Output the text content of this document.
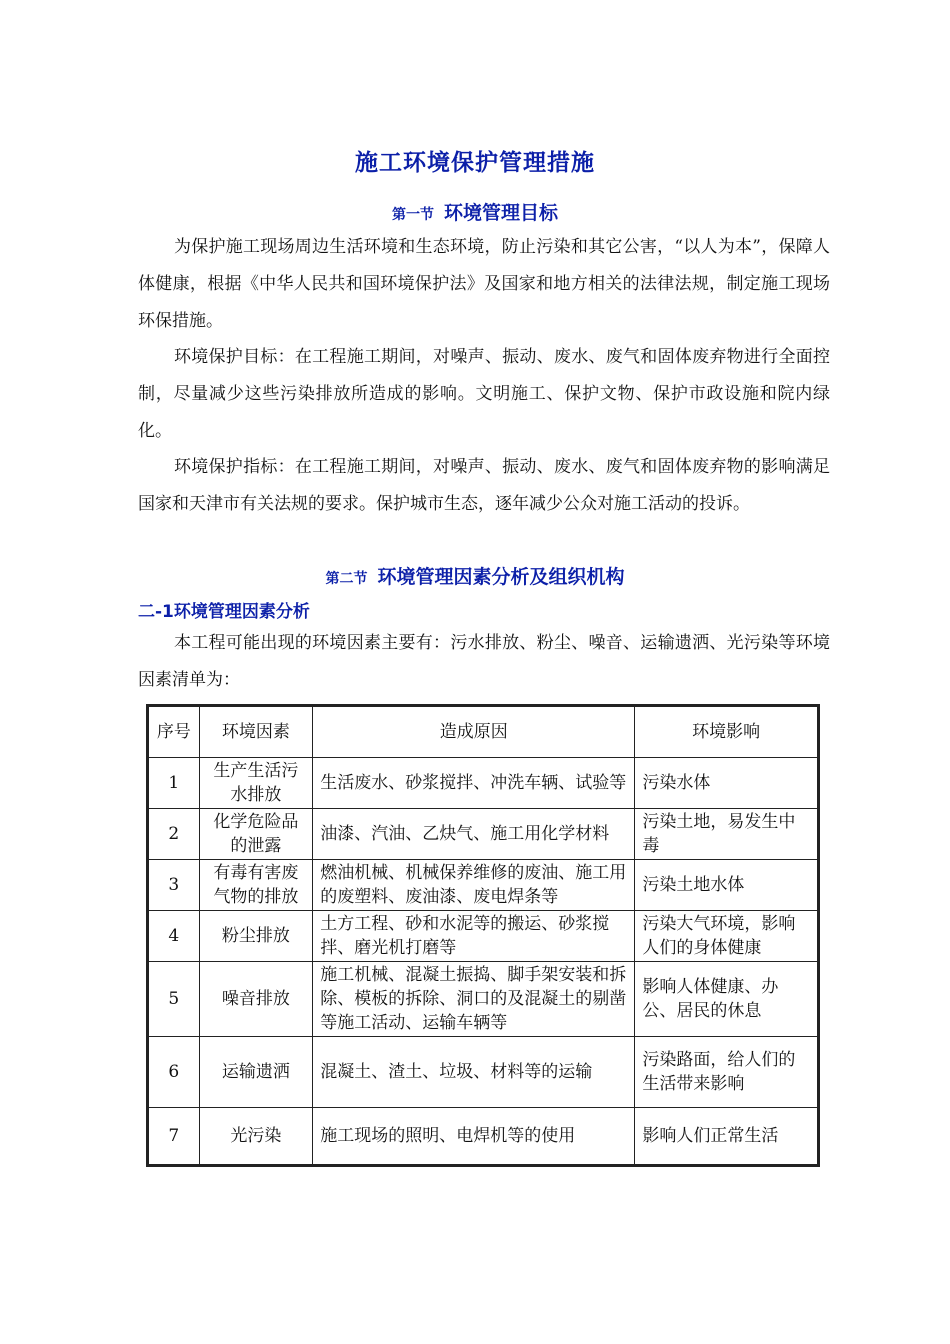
施工环境保护管理措施
第一节 环境管理目标

为保护施工现场周边生活环境和生态环境，防止污染和其它公害，“以人为本”，保障人体健康，根据《中华人民共和国环境保护法》及国家和地方相关的法律法规，制定施工现场环保措施。

环境保护目标：在工程施工期间，对噪声、振动、废水、废气和固体废弃物进行全面控制，尽量减少这些污染排放所造成的影响。文明施工、保护文物、保护市政设施和院内绿化。

环境保护指标：在工程施工期间，对噪声、振动、废水、废气和固体废弃物的影响满足国家和天津市有关法规的要求。保护城市生态，逐年减少公众对施工活动的投诉。

第二节 环境管理因素分析及组织机构
二-1环境管理因素分析

本工程可能出现的环境因素主要有：污水排放、粉尘、噪音、运输遗洒、光污染等环境因素清单为：

序号	环境因素	造成原因	环境影响
1	生产生活污水排放	生活废水、砂浆搅拌、冲洗车辆、试验等	污染水体
2	化学危险品的泄露	油漆、汽油、乙炔气、施工用化学材料	污染土地，易发生中毒
3	有毒有害废气物的排放	燃油机械、机械保养维修的废油、施工用的废塑料、废油漆、废电焊条等	污染土地水体
4	粉尘排放	土方工程、砂和水泥等的搬运、砂浆搅拌、磨光机打磨等	污染大气环境，影响人们的身体健康
5	噪音排放	施工机械、混凝土振捣、脚手架安装和拆除、模板的拆除、洞口的及混凝土的剔凿等施工活动、运输车辆等	影响人体健康、办公、居民的休息
6	运输遗洒	混凝土、渣土、垃圾、材料等的运输	污染路面，给人们的生活带来影响
7	光污染	施工现场的照明、电焊机等的使用	影响人们正常生活
